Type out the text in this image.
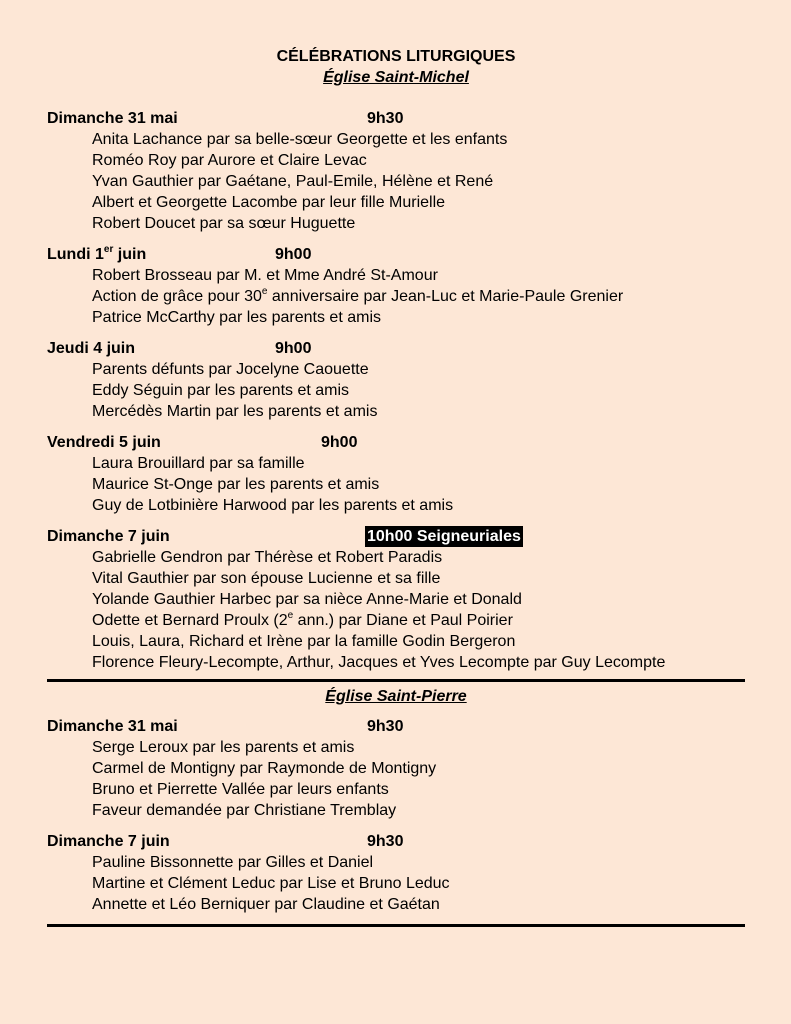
CÉLÉBRATIONS LITURGIQUES
Église Saint-Michel
Dimanche 31 mai	9h30
Anita Lachance par sa belle-sœur Georgette et les enfants
Roméo Roy par Aurore et Claire Levac
Yvan Gauthier par Gaétane, Paul-Emile, Hélène et René
Albert et Georgette Lacombe par leur fille Murielle
Robert Doucet par sa sœur Huguette
Lundi 1er juin	9h00
Robert Brosseau par M. et Mme André St-Amour
Action de grâce pour 30e anniversaire par Jean-Luc et Marie-Paule Grenier
Patrice McCarthy par les parents et amis
Jeudi 4 juin	9h00
Parents défunts par Jocelyne Caouette
Eddy Séguin par les parents et amis
Mercédès Martin par les parents et amis
Vendredi 5 juin	9h00
Laura Brouillard par sa famille
Maurice St-Onge par les parents et amis
Guy de Lotbinière Harwood par les parents et amis
Dimanche 7 juin	10h00 Seigneuriales
Gabrielle Gendron par Thérèse et Robert Paradis
Vital Gauthier par son épouse Lucienne et sa fille
Yolande Gauthier Harbec par sa nièce Anne-Marie et Donald
Odette et Bernard Proulx (2e ann.) par Diane et Paul Poirier
Louis, Laura, Richard et Irène par la famille Godin Bergeron
Florence Fleury-Lecompte, Arthur, Jacques et Yves Lecompte par Guy Lecompte
Église Saint-Pierre
Dimanche 31 mai	9h30
Serge Leroux par les parents et amis
Carmel de Montigny par Raymonde de Montigny
Bruno et Pierrette Vallée par leurs enfants
Faveur demandée par Christiane Tremblay
Dimanche 7 juin	9h30
Pauline Bissonnette par Gilles et Daniel
Martine et Clément Leduc par Lise et Bruno Leduc
Annette et Léo Berniquer par Claudine et Gaétan
